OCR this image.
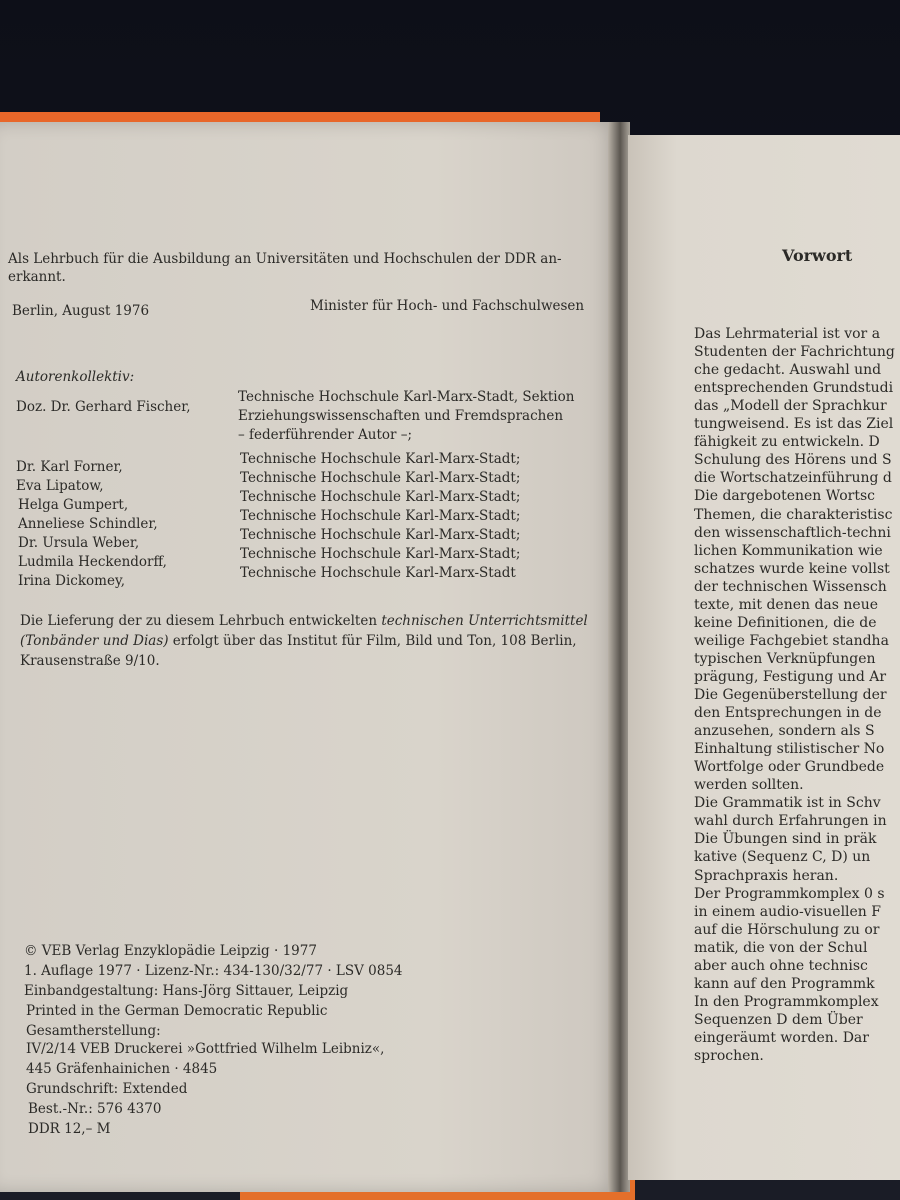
Als Lehrbuch für die Ausbildung an Universitäten und Hochschulen der DDR an-
erkannt.
Berlin, August 1976	Minister für Hoch- und Fachschulwesen
Autorenkollektiv:
Doz. Dr. Gerhard Fischer,
Technische Hochschule Karl-Marx-Stadt, Sektion
Erziehungswissenschaften und Fremdsprachen
– federführender Autor –;
Dr. Karl Forner,	Technische Hochschule Karl-Marx-Stadt;
Eva Lipatow,	Technische Hochschule Karl-Marx-Stadt;
Helga Gumpert,	Technische Hochschule Karl-Marx-Stadt;
Anneliese Schindler,	Technische Hochschule Karl-Marx-Stadt;
Dr. Ursula Weber,	Technische Hochschule Karl-Marx-Stadt;
Ludmila Heckendorff,	Technische Hochschule Karl-Marx-Stadt;
Irina Dickomey,	Technische Hochschule Karl-Marx-Stadt
Die Lieferung der zu diesem Lehrbuch entwickelten technischen Unterrichtsmittel
(Tonbänder und Dias) erfolgt über das Institut für Film, Bild und Ton, 108 Berlin,
Krausenstraße 9/10.
© VEB Verlag Enzyklopädie Leipzig · 1977
1. Auflage 1977 · Lizenz-Nr.: 434-130/32/77 · LSV 0854
Einbandgestaltung: Hans-Jörg Sittauer, Leipzig
Printed in the German Democratic Republic
Gesamtherstellung:
IV/2/14 VEB Druckerei »Gottfried Wilhelm Leibniz«,
445 Gräfenhainichen · 4845
Grundschrift: Extended
Best.-Nr.: 576 4370
DDR 12,– M
Vorwort
Das Lehrmaterial ist vor a
Studenten der Fachrichtung
che gedacht. Auswahl und
entsprechenden Grundstudi
das „Modell der Sprachkur
tungweisend. Es ist das Ziel
fähigkeit zu entwickeln. D
Schulung des Hörens und S
die Wortschatzeinführung d
Die dargebotenen Wortsc
Themen, die charakteristisc
den wissenschaftlich-techni
lichen Kommunikation wie
schatzes wurde keine vollst
der technischen Wissensch
texte, mit denen das neue
keine Definitionen, die de
weilige Fachgebiet standha
typischen Verknüpfungen
prägung, Festigung und Ar
Die Gegenüberstellung der
den Entsprechungen in de
anzusehen, sondern als S
Einhaltung stilistischer No
Wortfolge oder Grundbede
werden sollten.
Die Grammatik ist in Schv
wahl durch Erfahrungen in
Die Übungen sind in präk
kative (Sequenz C, D) un
Sprachpraxis heran.
Der Programmkomplex 0 s
in einem audio-visuellen F
auf die Hörschulung zu or
matik, die von der Schul
aber auch ohne technisc
kann auf den Programmk
In den Programmkomplex
Sequenzen D dem Über
eingeräumt worden. Dar
sprochen.
